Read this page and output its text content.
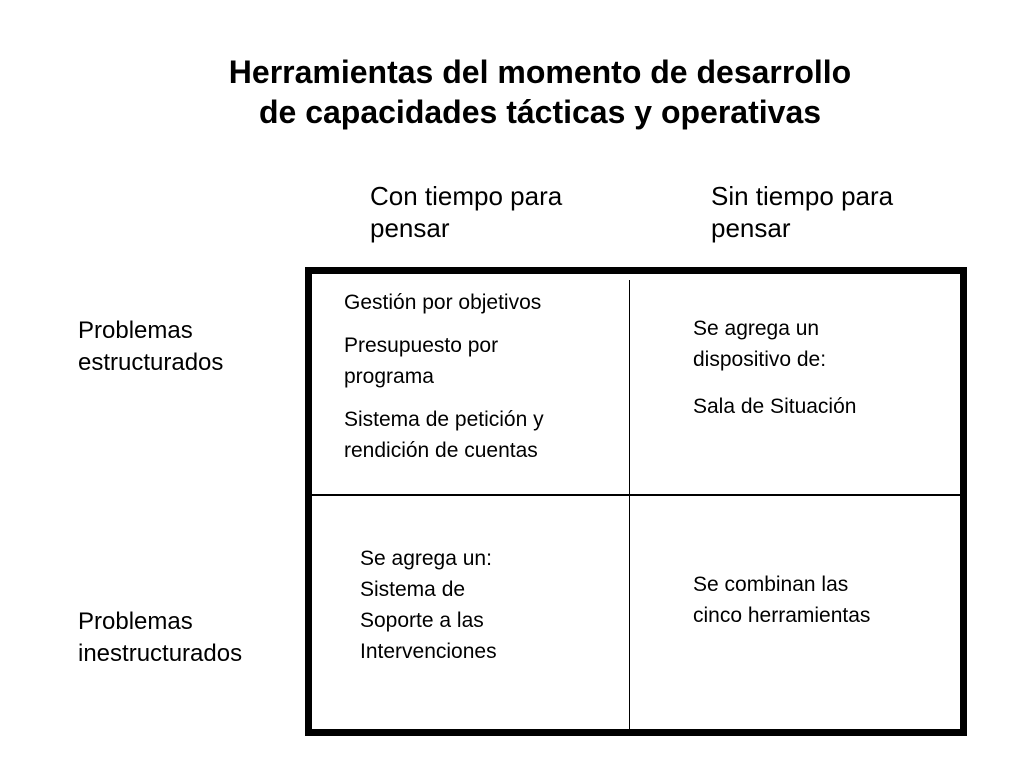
Herramientas del momento de desarrollo
de capacidades tácticas y operativas
Con tiempo para
pensar
Sin tiempo para
pensar
Problemas
estructurados
Problemas
inestructurados
Gestión por objetivos
Presupuesto por
programa
Sistema de petición y
rendición de cuentas
Se agrega un
dispositivo de:
Sala de Situación
Se agrega un:
Sistema de
Soporte a las
Intervenciones
Se combinan las
cinco herramientas
